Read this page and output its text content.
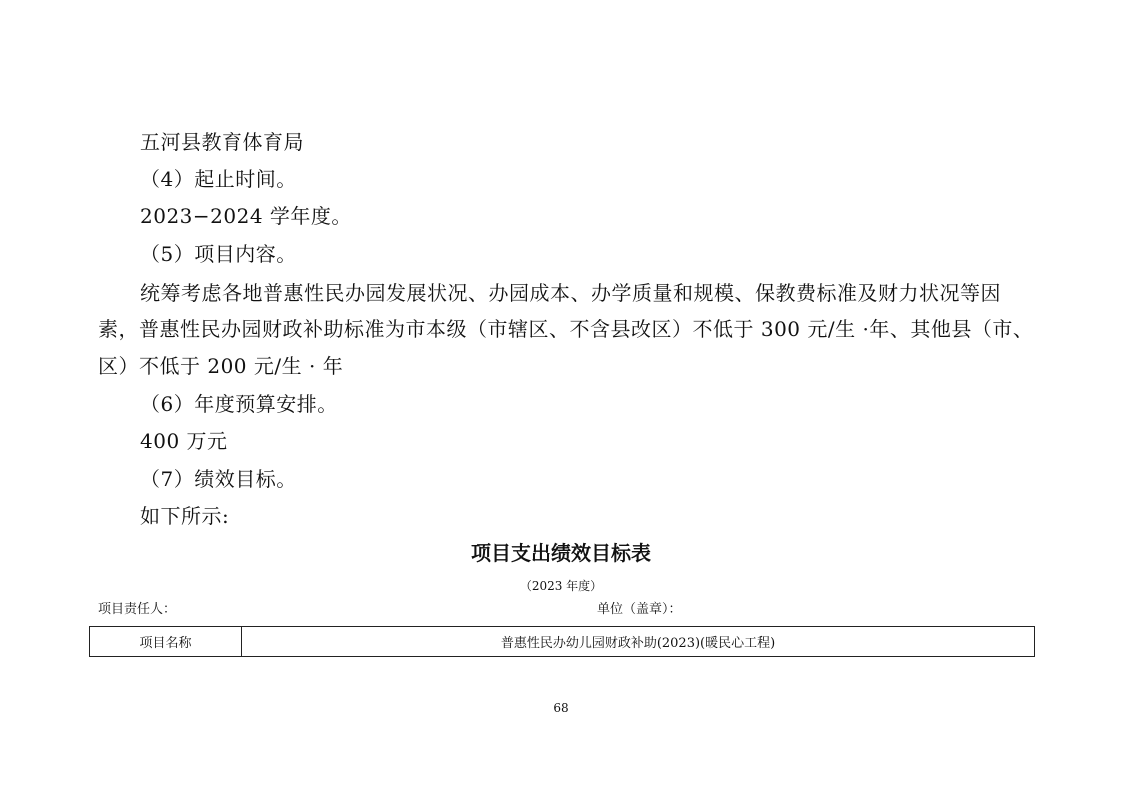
五河县教育体育局
（4）起止时间。
2023−2024 学年度。
（5）项目内容。
统筹考虑各地普惠性民办园发展状况、办园成本、办学质量和规模、保教费标准及财力状况等因
素，普惠性民办园财政补助标准为市本级（市辖区、不含县改区）不低于 300 元/生 ·年、其他县（市、
区）不低于 200 元/生 · 年
（6）年度预算安排。
400 万元
（7）绩效目标。
如下所示:
项目支出绩效目标表
（2023 年度）
项目责任人：	单位（盖章）：
项目名称	普惠性民办幼儿园财政补助(2023)(暖民心工程)
68
